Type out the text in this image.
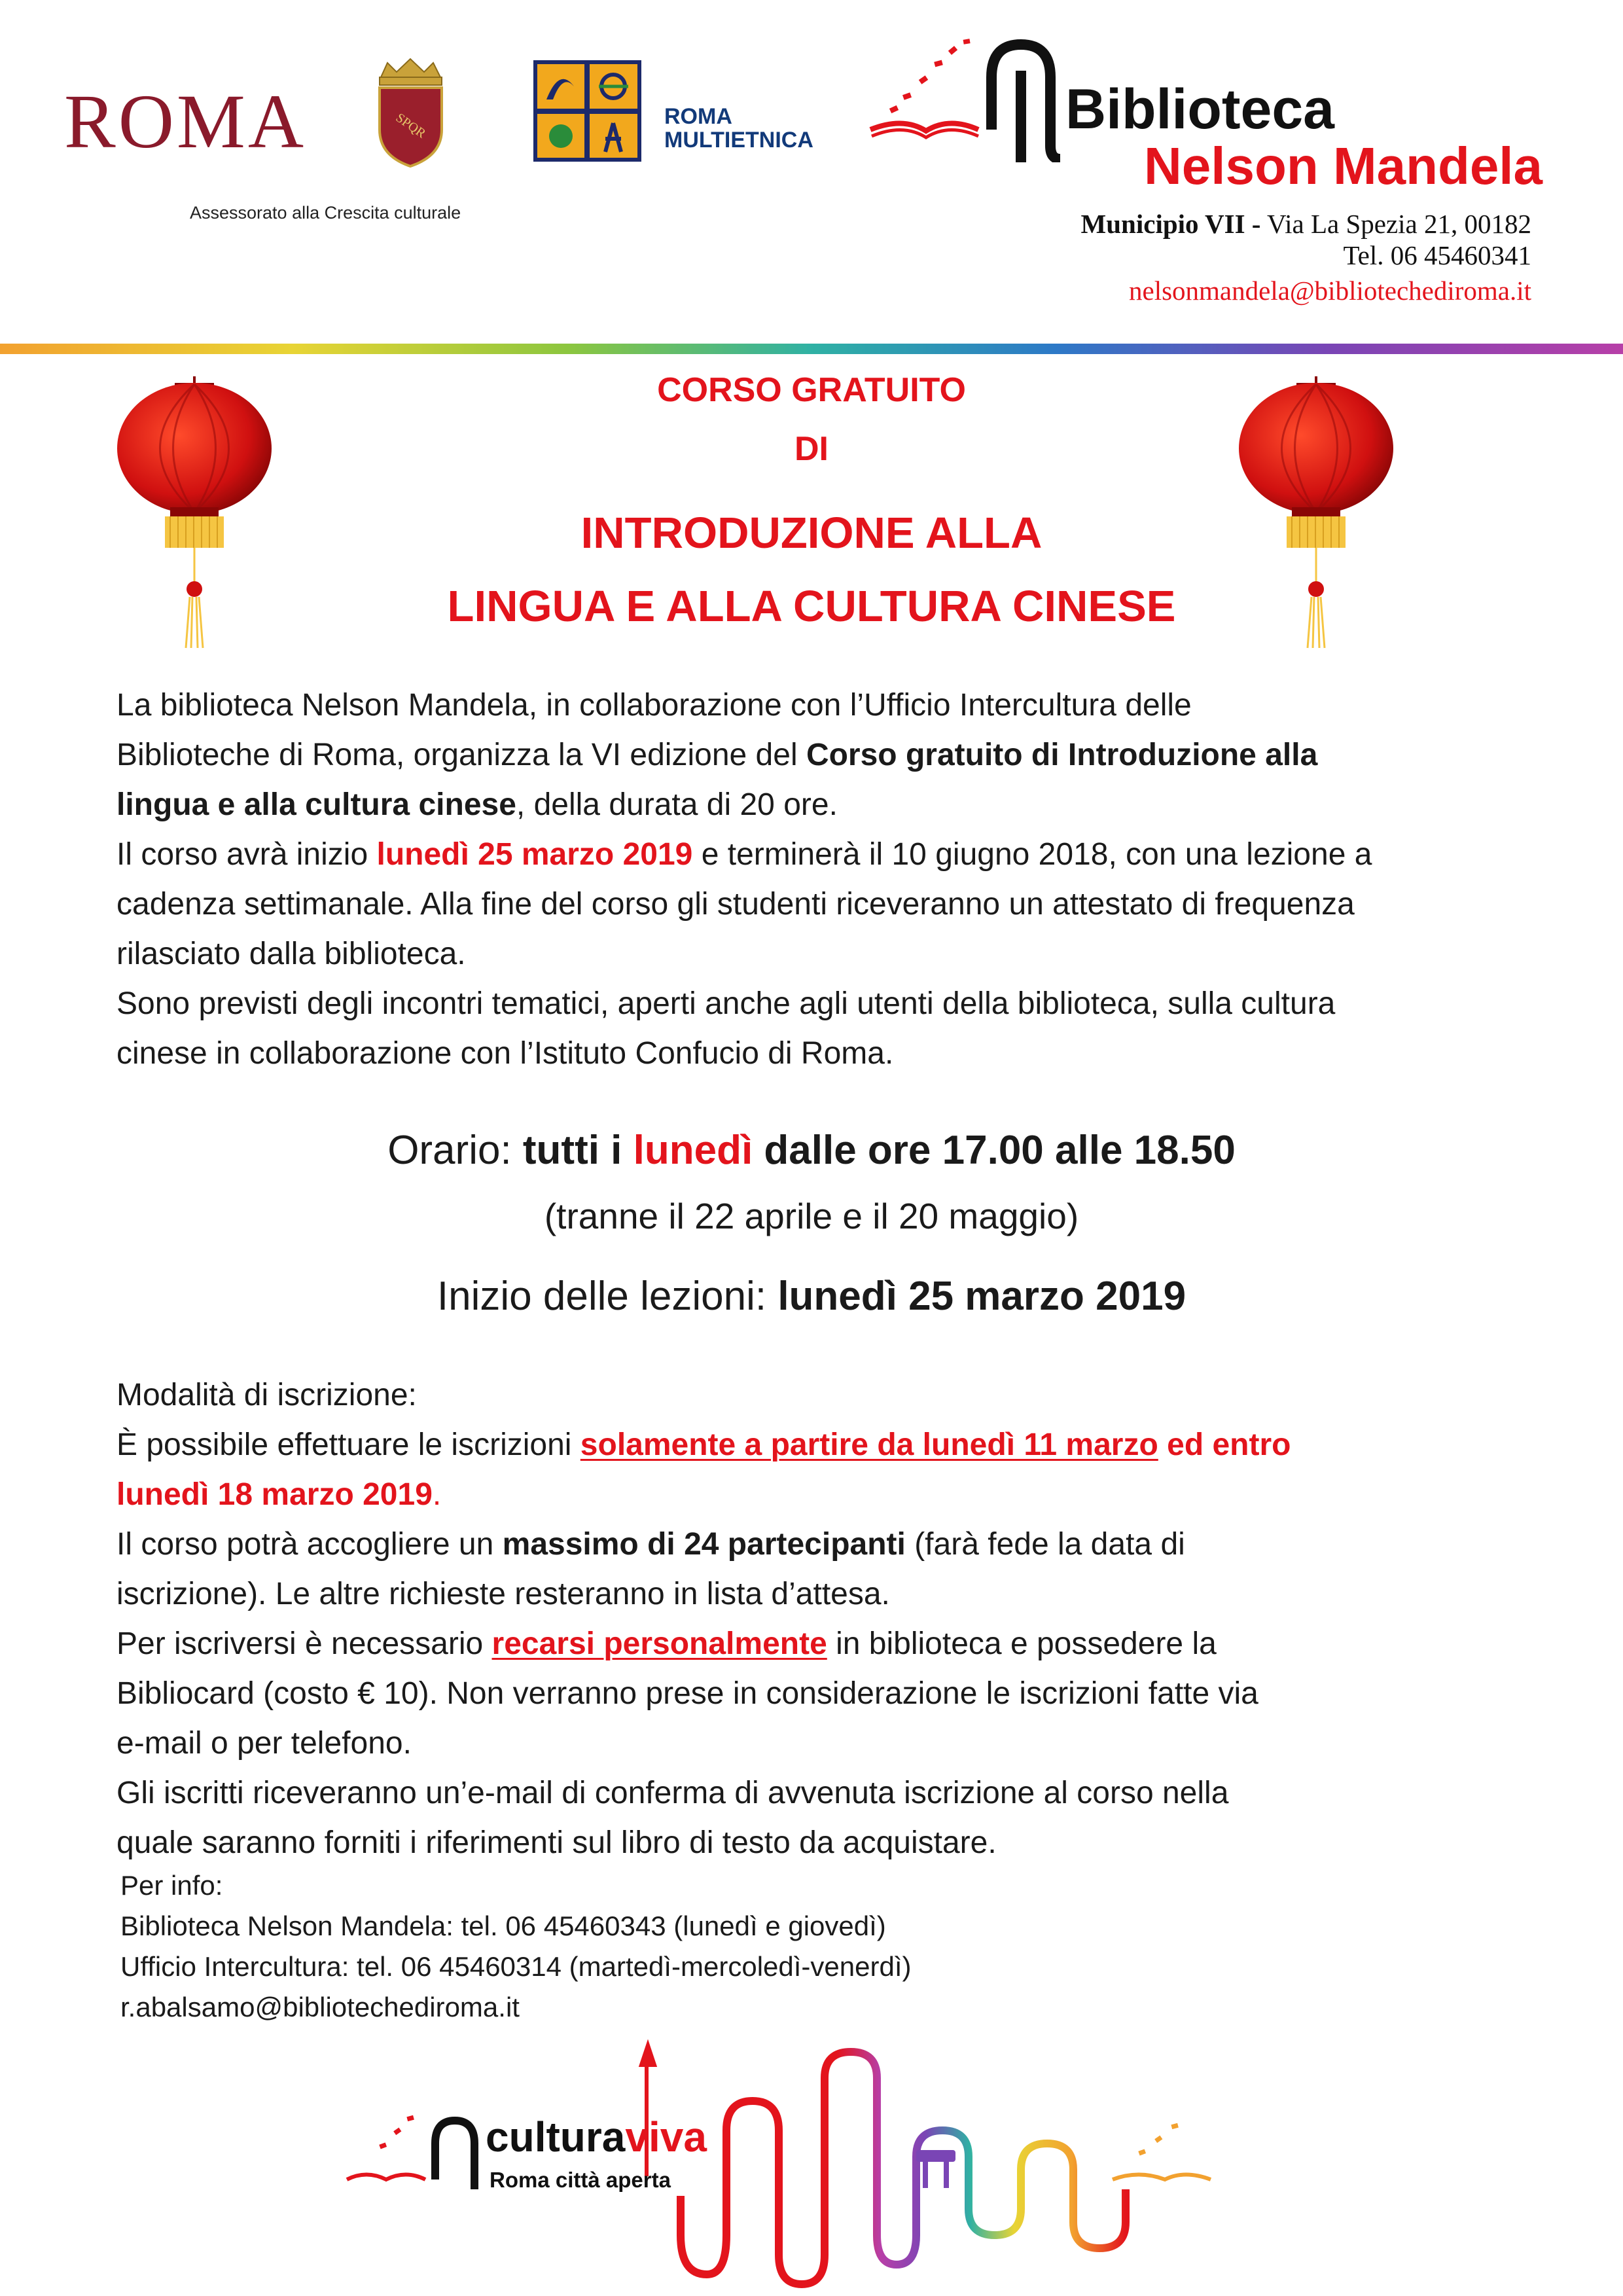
ROMA
Assessorato alla Crescita culturale
SPQR	ROMA
MULTIETNICA	Biblioteca
Nelson Mandela
Municipio VII - Via La Spezia 21, 00182
Tel. 06 45460341
nelsonmandela@bibliotechediroma.it
CORSO GRATUITO
DI
INTRODUZIONE ALLA
LINGUA E ALLA CULTURA CINESE
La biblioteca Nelson Mandela, in collaborazione con l’Ufficio Intercultura delle
Biblioteche di Roma, organizza la VI edizione del Corso gratuito di Introduzione alla
lingua e alla cultura cinese, della durata di 20 ore.
Il corso avrà inizio lunedì 25 marzo 2019 e terminerà il 10 giugno 2018, con una lezione a
cadenza settimanale. Alla fine del corso gli studenti riceveranno un attestato di frequenza
rilasciato dalla biblioteca.
Sono previsti degli incontri tematici, aperti anche agli utenti della biblioteca, sulla cultura
cinese in collaborazione con l’Istituto Confucio di Roma.
Orario: tutti i lunedì dalle ore 17.00 alle 18.50
(tranne il 22 aprile e il 20 maggio)
Inizio delle lezioni: lunedì 25 marzo 2019
Modalità di iscrizione:
È possibile effettuare le iscrizioni solamente a partire da lunedì 11 marzo ed entro
lunedì 18 marzo 2019.
Il corso potrà accogliere un massimo di 24 partecipanti (farà fede la data di
iscrizione). Le altre richieste resteranno in lista d’attesa.
Per iscriversi è necessario recarsi personalmente in biblioteca e possedere la
Bibliocard (costo € 10). Non verranno prese in considerazione le iscrizioni fatte via
e-mail o per telefono.
Gli iscritti riceveranno un’e-mail di conferma di avvenuta iscrizione al corso nella
quale saranno forniti i riferimenti sul libro di testo da acquistare.
Per info:
Biblioteca Nelson Mandela: tel. 06 45460343 (lunedì e giovedì)
Ufficio Intercultura: tel. 06 45460314 (martedì-mercoledì-venerdì)
r.abalsamo@bibliotechediroma.it
culturaviva
Roma città aperta
